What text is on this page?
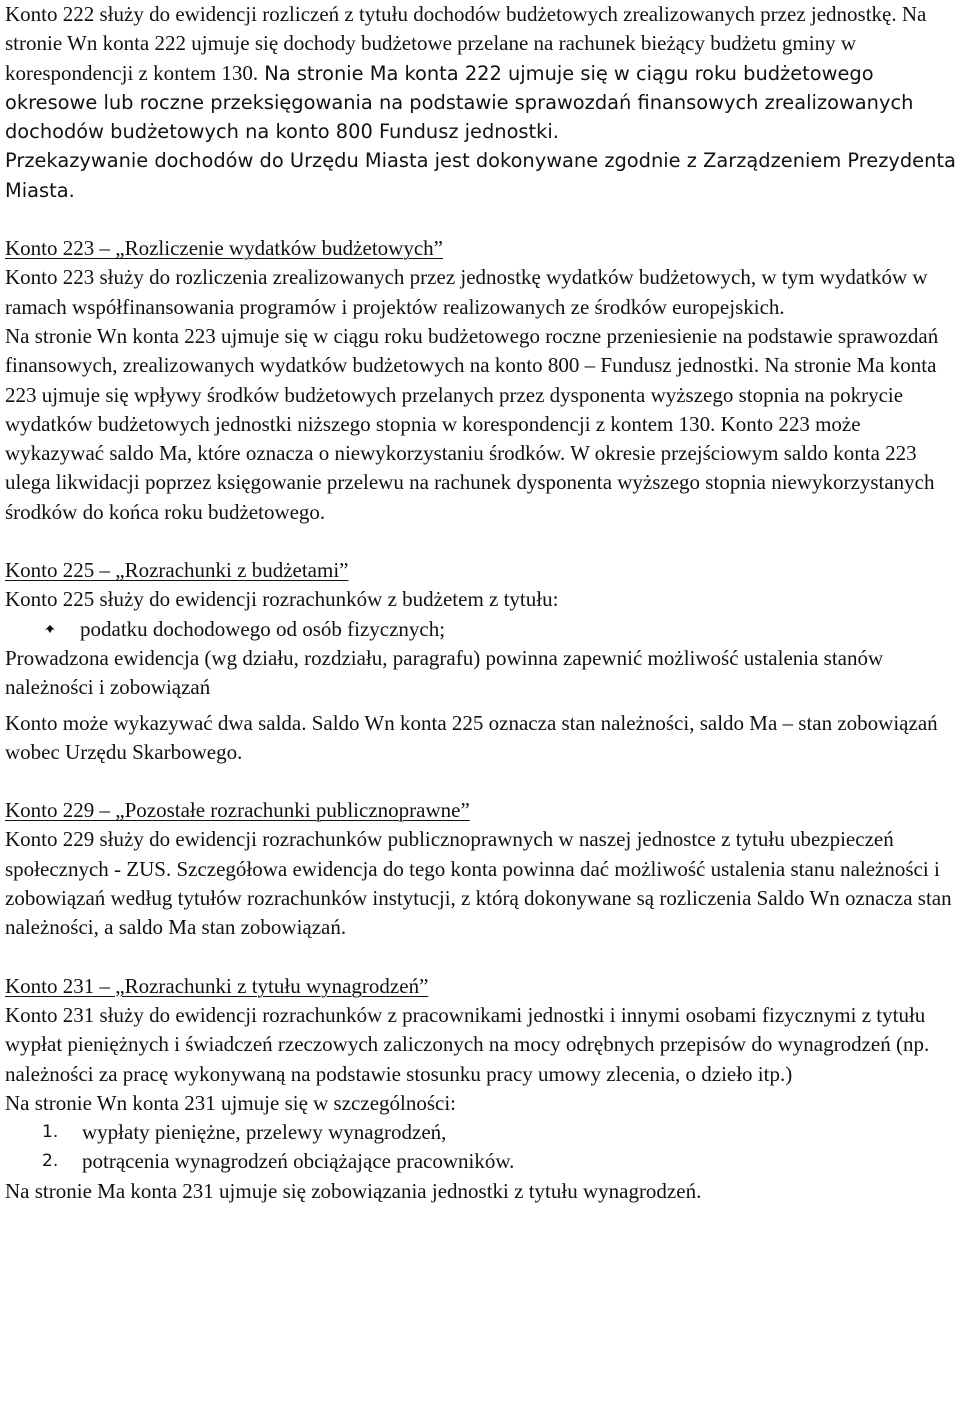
Konto 222 służy do ewidencji rozliczeń z tytułu dochodów budżetowych zrealizowanych przez jednostkę. Na stronie Wn konta 222 ujmuje się dochody budżetowe przelane na rachunek bieżący budżetu gminy w korespondencji z kontem 130. Na stronie Ma konta 222 ujmuje się w ciągu roku budżetowego okresowe lub roczne przeksięgowania na podstawie sprawozdań finansowych zrealizowanych dochodów budżetowych na konto 800 Fundusz jednostki.

Przekazywanie dochodów do Urzędu Miasta jest dokonywane zgodnie z Zarządzeniem Prezydenta Miasta.

Konto 223 – „Rozliczenie wydatków budżetowych”

Konto 223 służy do rozliczenia zrealizowanych przez jednostkę wydatków budżetowych, w tym wydatków w ramach współfinansowania programów i projektów realizowanych ze środków europejskich.

Na stronie Wn konta 223 ujmuje się w ciągu roku budżetowego roczne przeniesienie na podstawie sprawozdań finansowych, zrealizowanych wydatków budżetowych na konto 800 – Fundusz jednostki. Na stronie Ma konta 223 ujmuje się wpływy środków budżetowych przelanych przez dysponenta wyższego stopnia na pokrycie wydatków budżetowych jednostki niższego stopnia w korespondencji z kontem 130. Konto 223 może wykazywać saldo Ma, które oznacza o niewykorzystaniu środków. W okresie przejściowym saldo konta 223 ulega likwidacji poprzez księgowanie przelewu na rachunek dysponenta wyższego stopnia niewykorzystanych środków do końca roku budżetowego.

Konto 225 – „Rozrachunki z budżetami”

Konto 225 służy do ewidencji rozrachunków z budżetem z tytułu:

podatku dochodowego od osób fizycznych;

Prowadzona ewidencja (wg działu, rozdziału, paragrafu) powinna zapewnić możliwość ustalenia stanów należności i zobowiązań

Konto może wykazywać dwa salda. Saldo Wn konta 225 oznacza stan należności, saldo Ma – stan zobowiązań wobec Urzędu Skarbowego.

Konto 229 – „Pozostałe rozrachunki publicznoprawne”

Konto 229 służy do ewidencji rozrachunków publicznoprawnych w naszej jednostce z tytułu ubezpieczeń społecznych - ZUS. Szczegółowa ewidencja do tego konta powinna dać możliwość ustalenia stanu należności i zobowiązań według tytułów rozrachunków instytucji, z którą dokonywane są rozliczenia Saldo Wn oznacza stan należności, a saldo Ma stan zobowiązań.

Konto 231 – „Rozrachunki z tytułu wynagrodzeń”

Konto 231 służy do ewidencji rozrachunków z pracownikami jednostki i innymi osobami fizycznymi z tytułu wypłat pieniężnych i świadczeń rzeczowych zaliczonych na mocy odrębnych przepisów do wynagrodzeń (np. należności za pracę wykonywaną na podstawie stosunku pracy umowy zlecenia, o dzieło itp.)

Na stronie Wn konta 231 ujmuje się w szczególności:

1.	wypłaty pieniężne, przelewy wynagrodzeń,
2.	potrącenia wynagrodzeń obciążające pracowników.

Na stronie Ma konta 231 ujmuje się zobowiązania jednostki z tytułu wynagrodzeń.
